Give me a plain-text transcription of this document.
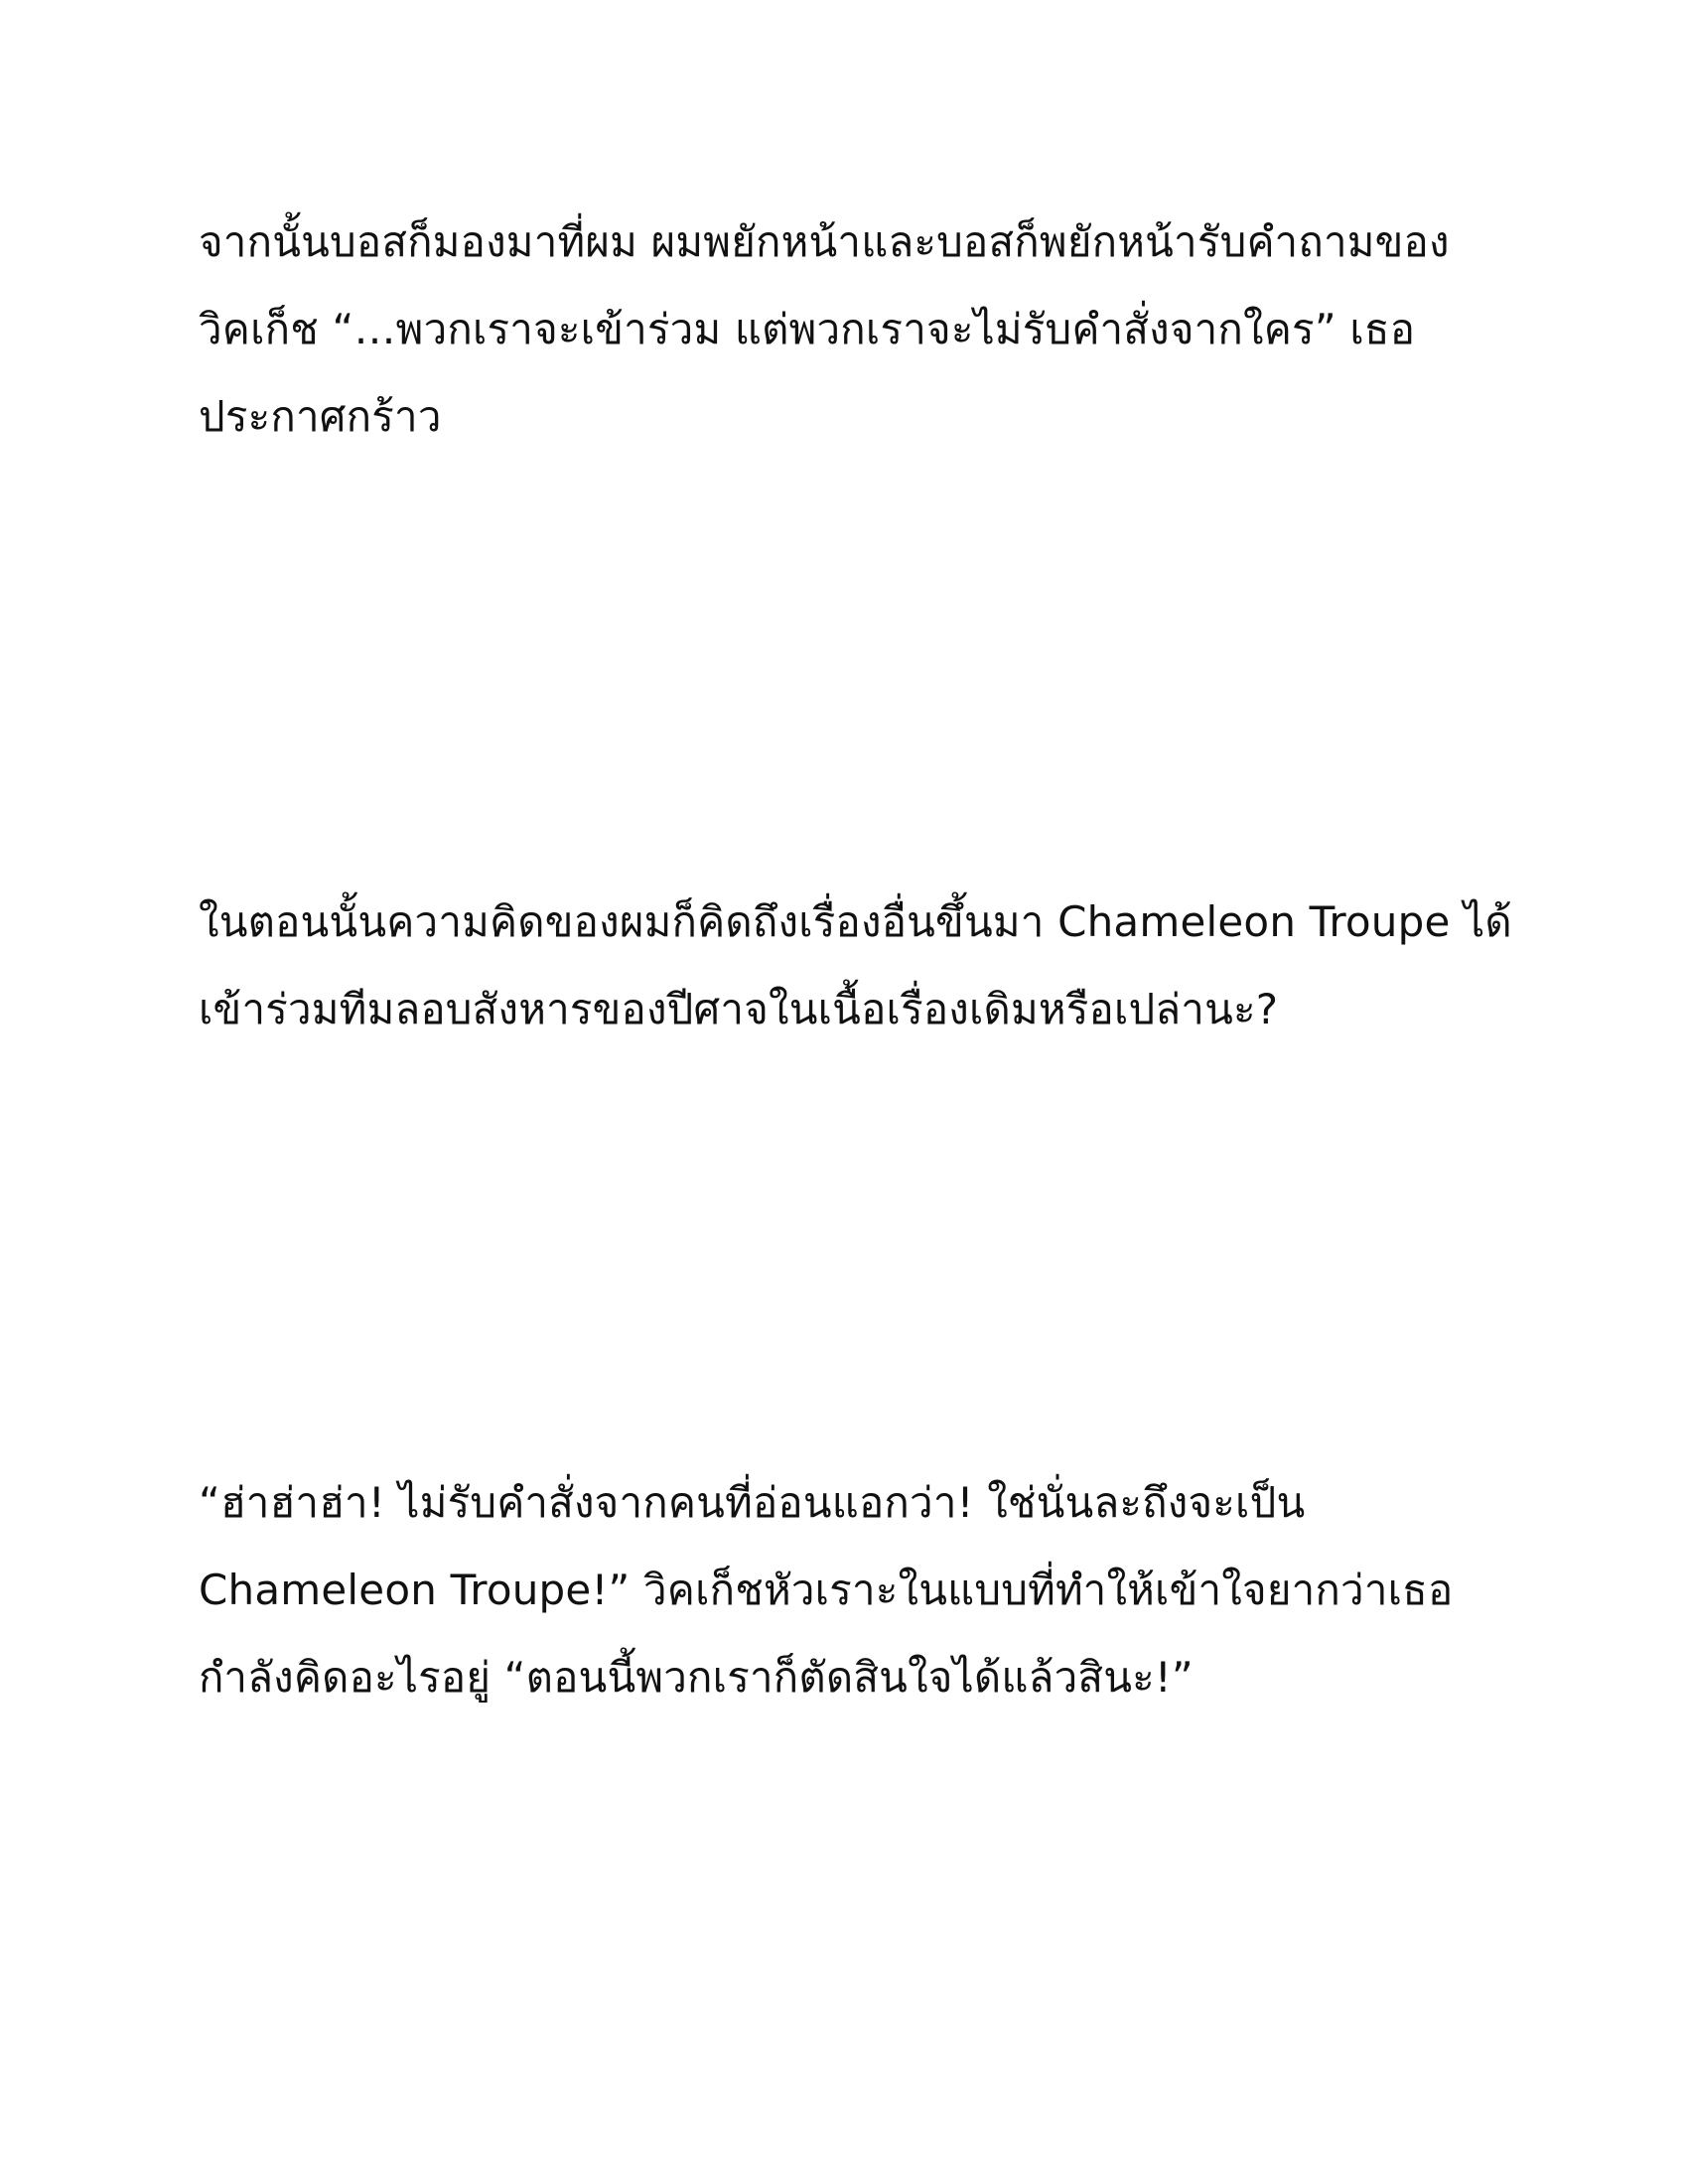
จากนั้นบอสก็มองมาที่ผม ผมพยักหน้าและบอสก็พยักหน้ารับคำถามของ
วิคเก็ช “…พวกเราจะเข้าร่วม แต่พวกเราจะไม่รับคำสั่งจากใคร” เธอ
ประกาศกร้าว
ในตอนนั้นความคิดของผมก็คิดถึงเรื่องอื่นขึ้นมา Chameleon Troupe ได้
เข้าร่วมทีมลอบสังหารของปีศาจในเนื้อเรื่องเดิมหรือเปล่านะ?
“ฮ่าฮ่าฮ่า! ไม่รับคำสั่งจากคนที่อ่อนแอกว่า! ใช่นั่นละถึงจะเป็น
Chameleon Troupe!” วิคเก็ชหัวเราะในแบบที่ทำให้เข้าใจยากว่าเธอ
กำลังคิดอะไรอยู่ “ตอนนี้พวกเราก็ตัดสินใจได้แล้วสินะ!”
